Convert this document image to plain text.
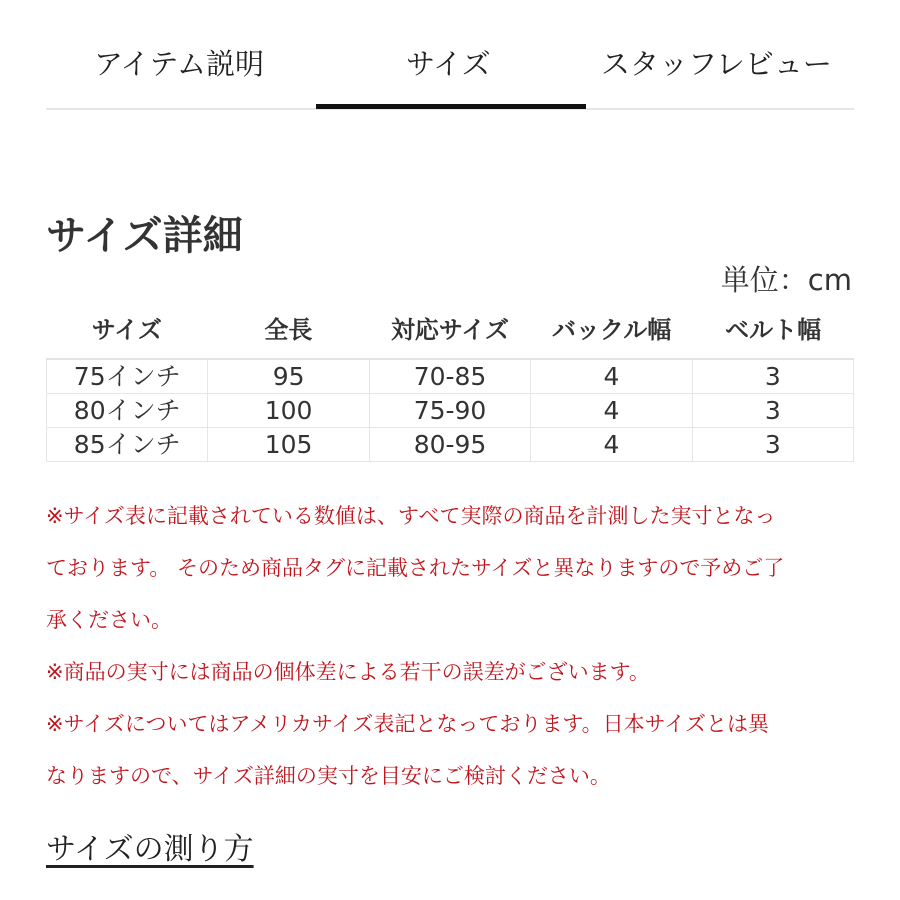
アイテム説明	サイズ	スタッフレビュー
サイズ詳細
単位：cm
サイズ	全長	対応サイズ	バックル幅	ベルト幅
75インチ	95	70-85	4	3
80インチ	100	75-90	4	3
85インチ	105	80-95	4	3

※サイズ表に記載されている数値は、すべて実際の商品を計測した実寸となっ

ております。 そのため商品タグに記載されたサイズと異なりますので予めご了

承ください。

※商品の実寸には商品の個体差による若干の誤差がございます。

※サイズについてはアメリカサイズ表記となっております。日本サイズとは異

なりますので、サイズ詳細の実寸を目安にご検討ください。

サイズの測り方
